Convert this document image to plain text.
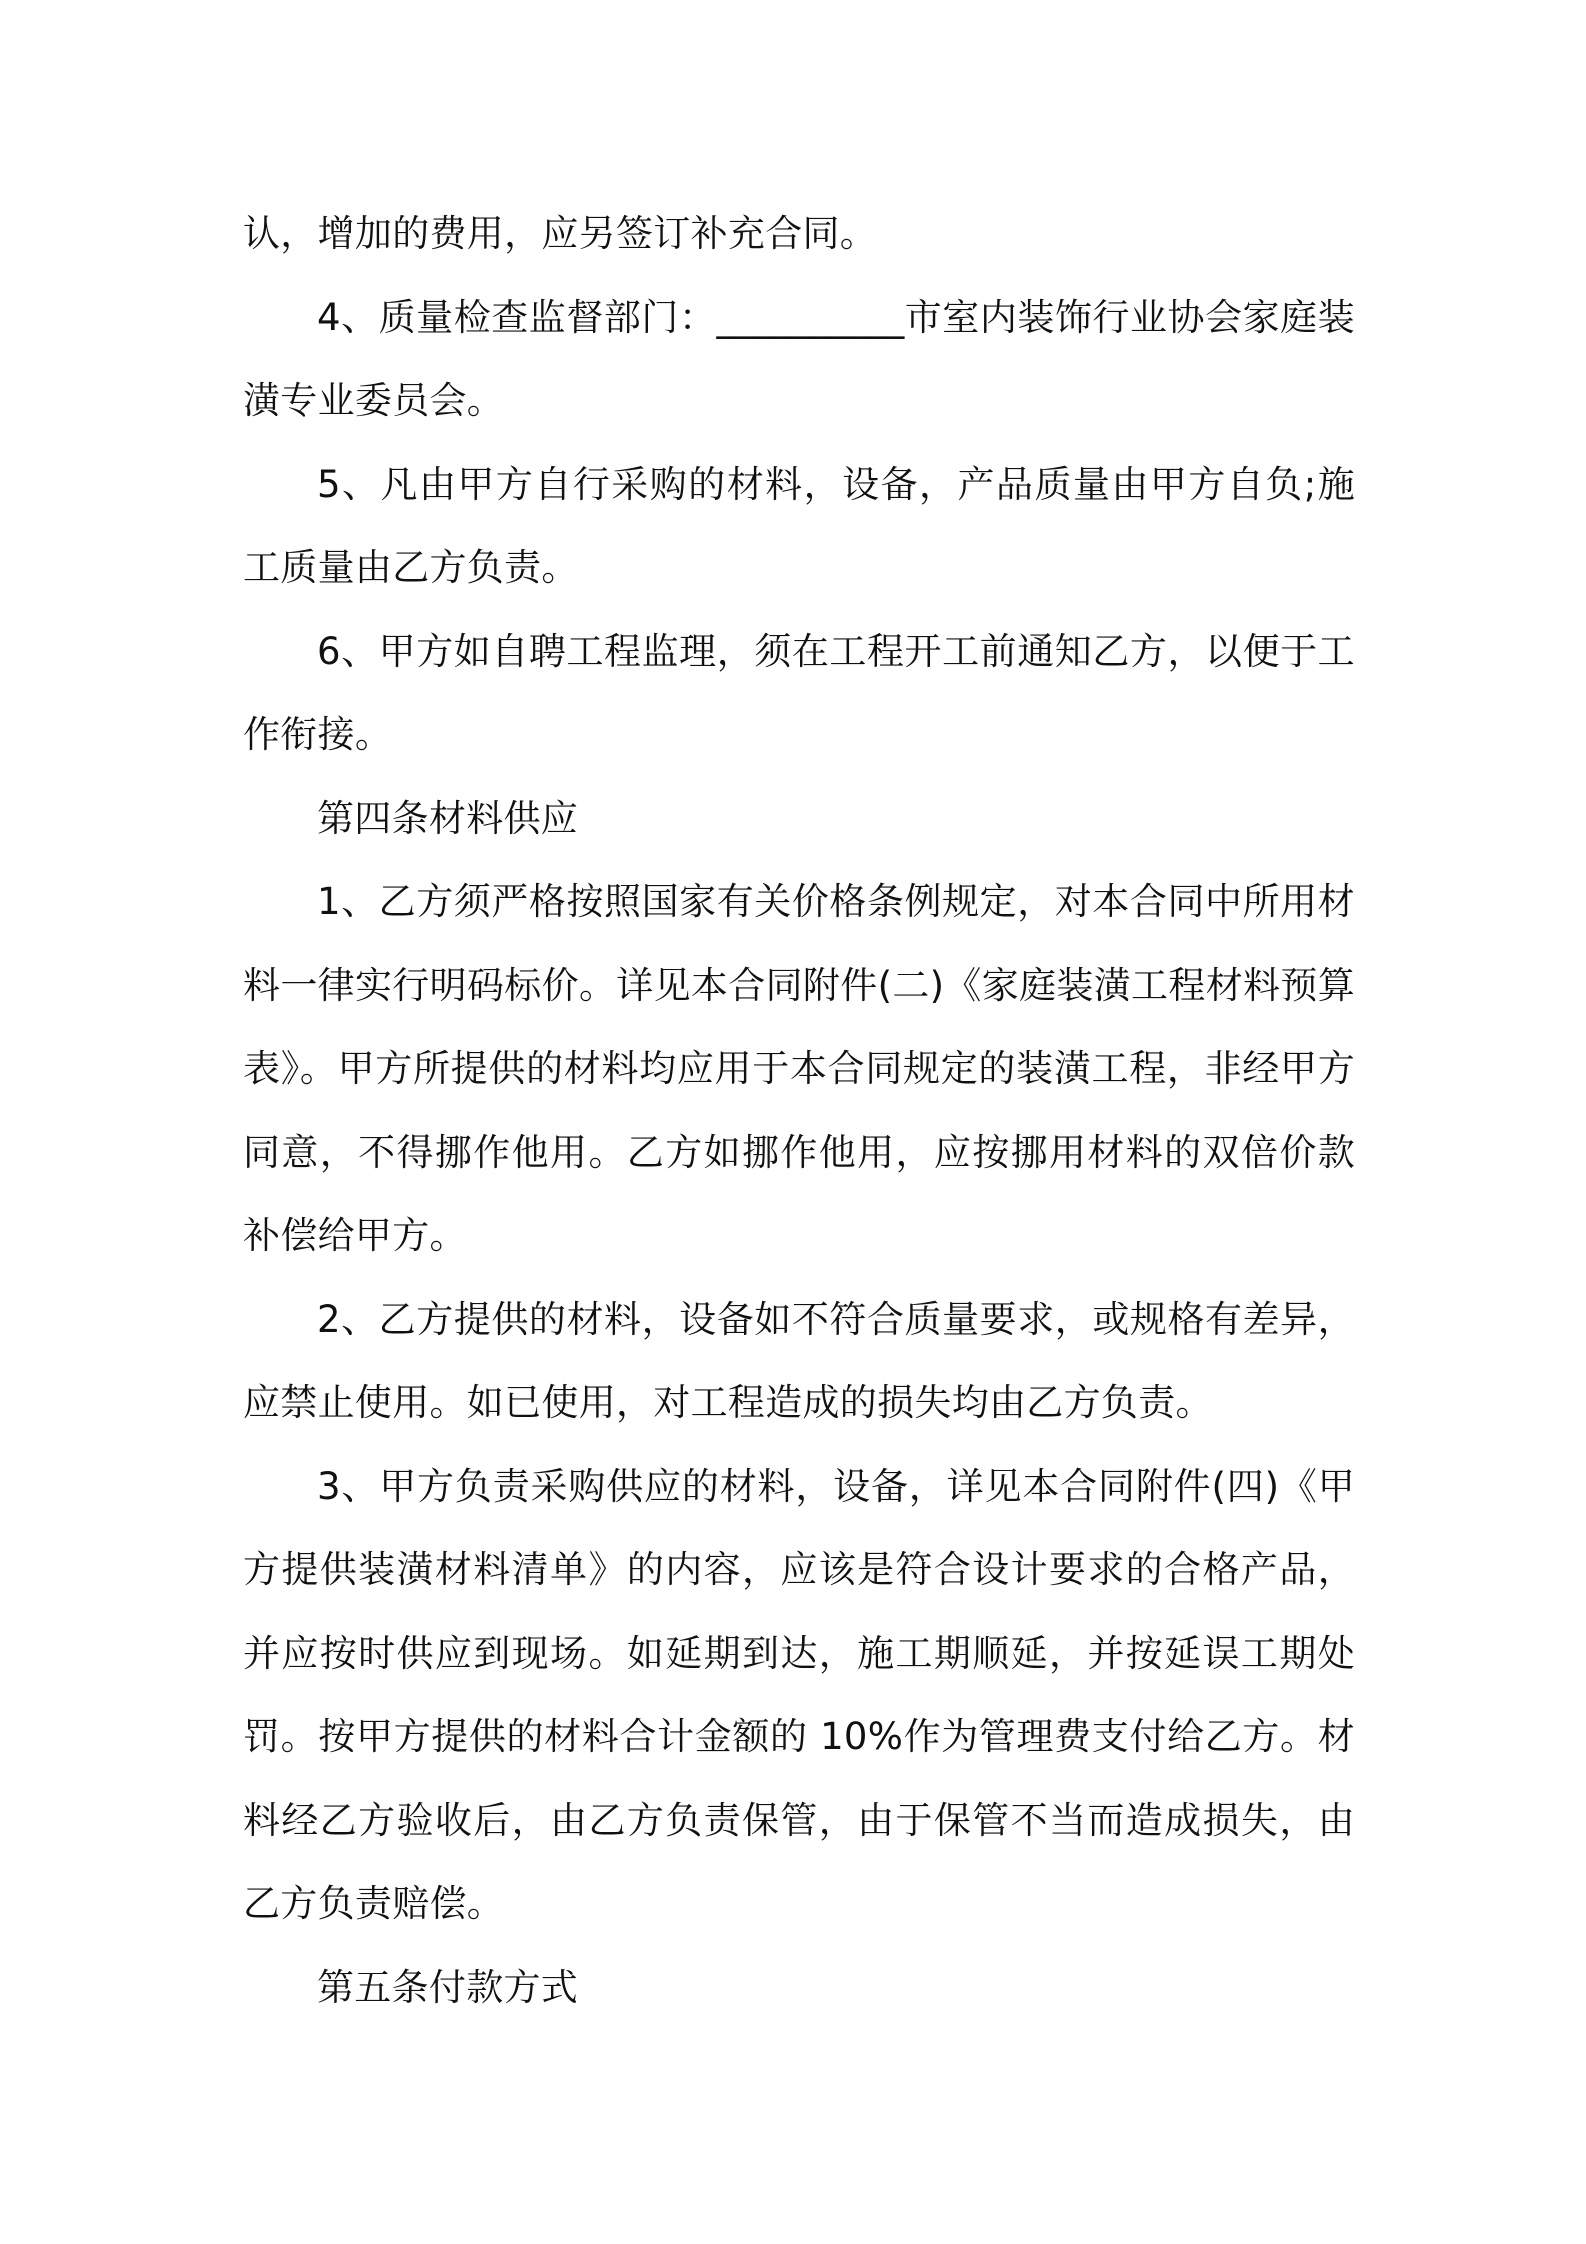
认，增加的费用，应另签订补充合同。

4、质量检查监督部门：__________市室内装饰行业协会家庭装潢专业委员会。

5、凡由甲方自行采购的材料，设备，产品质量由甲方自负;施工质量由乙方负责。

6、甲方如自聘工程监理，须在工程开工前通知乙方，以便于工作衔接。

第四条材料供应

1、乙方须严格按照国家有关价格条例规定，对本合同中所用材料一律实行明码标价。详见本合同附件(二)《家庭装潢工程材料预算表》。甲方所提供的材料均应用于本合同规定的装潢工程，非经甲方同意，不得挪作他用。乙方如挪作他用，应按挪用材料的双倍价款补偿给甲方。

2、乙方提供的材料，设备如不符合质量要求，或规格有差异，应禁止使用。如已使用，对工程造成的损失均由乙方负责。

3、甲方负责采购供应的材料，设备，详见本合同附件(四)《甲方提供装潢材料清单》的内容，应该是符合设计要求的合格产品，并应按时供应到现场。如延期到达，施工期顺延，并按延误工期处罚。按甲方提供的材料合计金额的 10%作为管理费支付给乙方。材料经乙方验收后，由乙方负责保管，由于保管不当而造成损失，由乙方负责赔偿。

第五条付款方式
